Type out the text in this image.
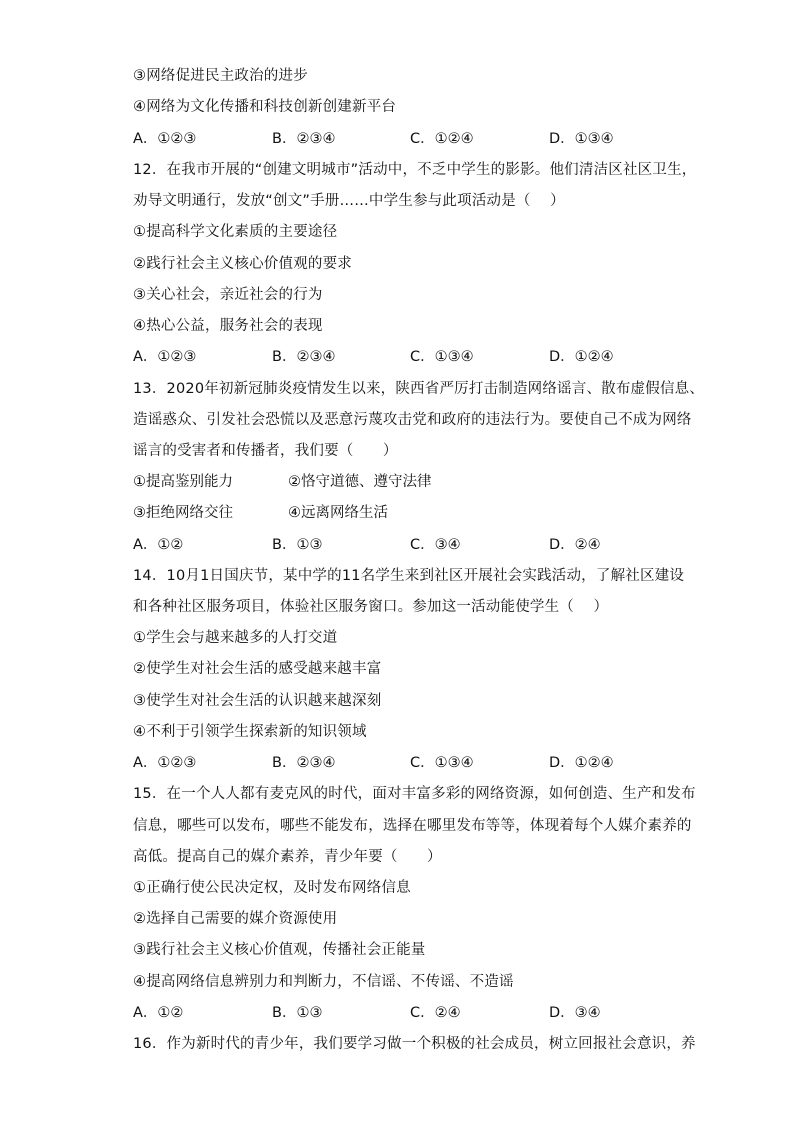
③网络促进民主政治的进步
④网络为文化传播和科技创新创建新平台
A．①②③	B．②③④	C．①②④	D．①③④
12．在我市开展的“创建文明城市”活动中，不乏中学生的影影。他们清洁区社区卫生，
劝导文明通行，发放“创文”手册……中学生参与此项活动是（　 ）
①提高科学文化素质的主要途径
②践行社会主义核心价值观的要求
③关心社会，亲近社会的行为
④热心公益，服务社会的表现
A．①②③	B．②③④	C．①③④	D．①②④
13．2020年初新冠肺炎疫情发生以来，陕西省严厉打击制造网络谣言、散布虚假信息、
造谣惑众、引发社会恐慌以及恶意污蔑攻击党和政府的违法行为。要使自己不成为网络
谣言的受害者和传播者，我们要（　　）
①提高鉴别能力	②恪守道德、遵守法律
③拒绝网络交往	④远离网络生活
A．①②	B．①③	C．③④	D．②④
14．10月1日国庆节，某中学的11名学生来到社区开展社会实践活动，了解社区建设
和各种社区服务项目，体验社区服务窗口。参加这一活动能使学生（　 ）
①学生会与越来越多的人打交道
②使学生对社会生活的感受越来越丰富
③使学生对社会生活的认识越来越深刻
④不利于引领学生探索新的知识领域
A．①②③	B．②③④	C．①③④	D．①②④
15．在一个人人都有麦克风的时代，面对丰富多彩的网络资源，如何创造、生产和发布
信息，哪些可以发布，哪些不能发布，选择在哪里发布等等，体现着每个人媒介素养的
高低。提高自己的媒介素养，青少年要（　　）
①正确行使公民决定权，及时发布网络信息
②选择自己需要的媒介资源使用
③践行社会主义核心价值观，传播社会正能量
④提高网络信息辨别力和判断力，不信谣、不传谣、不造谣
A．①②	B．①③	C．②④	D．③④
16．作为新时代的青少年，我们要学习做一个积极的社会成员，树立回报社会意识，养
